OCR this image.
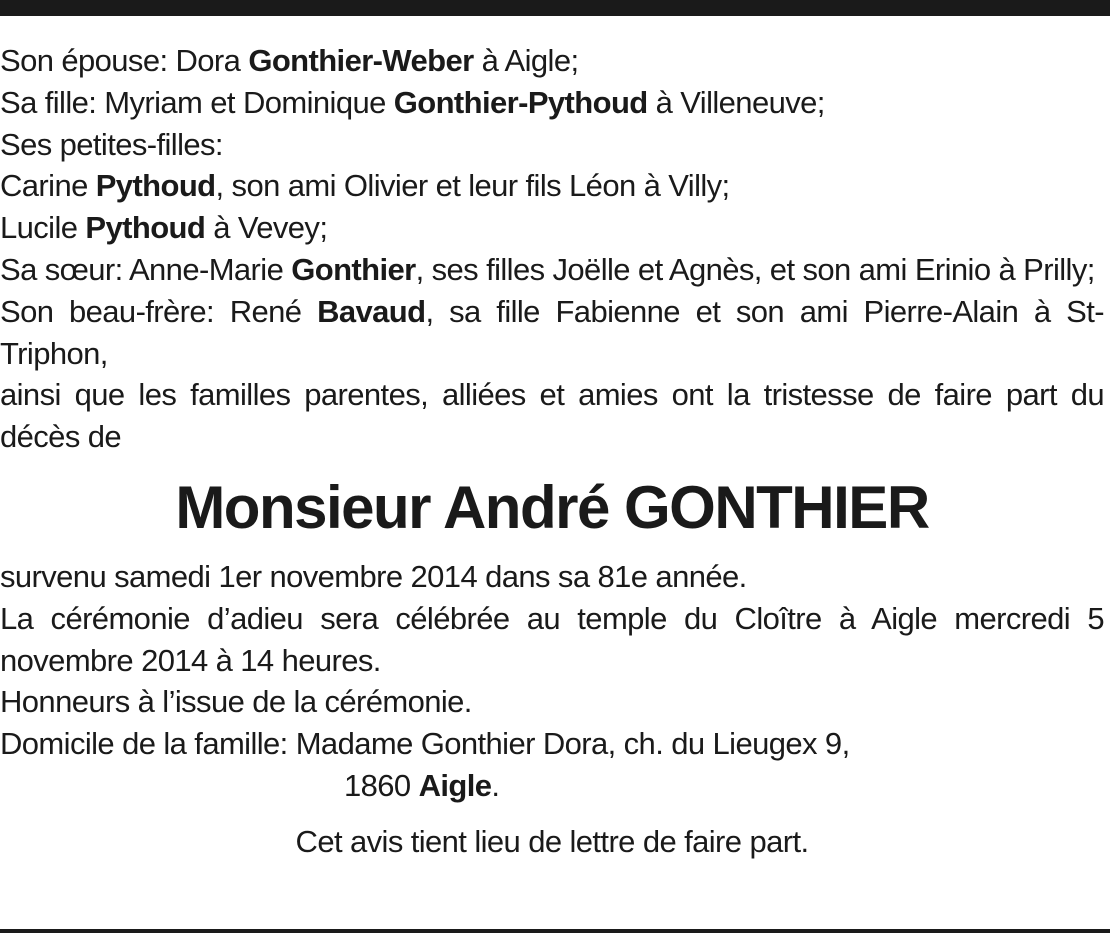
Son épouse: Dora Gonthier-Weber à Aigle;
Sa fille: Myriam et Dominique Gonthier-Pythoud à Villeneuve;
Ses petites-filles:
Carine Pythoud, son ami Olivier et leur fils Léon à Villy;
Lucile Pythoud à Vevey;
Sa sœur: Anne-Marie Gonthier, ses filles Joëlle et Agnès, et son ami Erinio à Prilly;
Son beau-frère: René Bavaud, sa fille Fabienne et son ami Pierre-Alain à St-Triphon,
ainsi que les familles parentes, alliées et amies ont la tristesse de faire part du décès de
Monsieur André GONTHIER
survenu samedi 1er novembre 2014 dans sa 81e année.
La cérémonie d’adieu sera célébrée au temple du Cloître à Aigle mercredi 5 novembre 2014 à 14 heures.
Honneurs à l’issue de la cérémonie.
Domicile de la famille: Madame Gonthier Dora, ch. du Lieugex 9,
1860 Aigle.
Cet avis tient lieu de lettre de faire part.
